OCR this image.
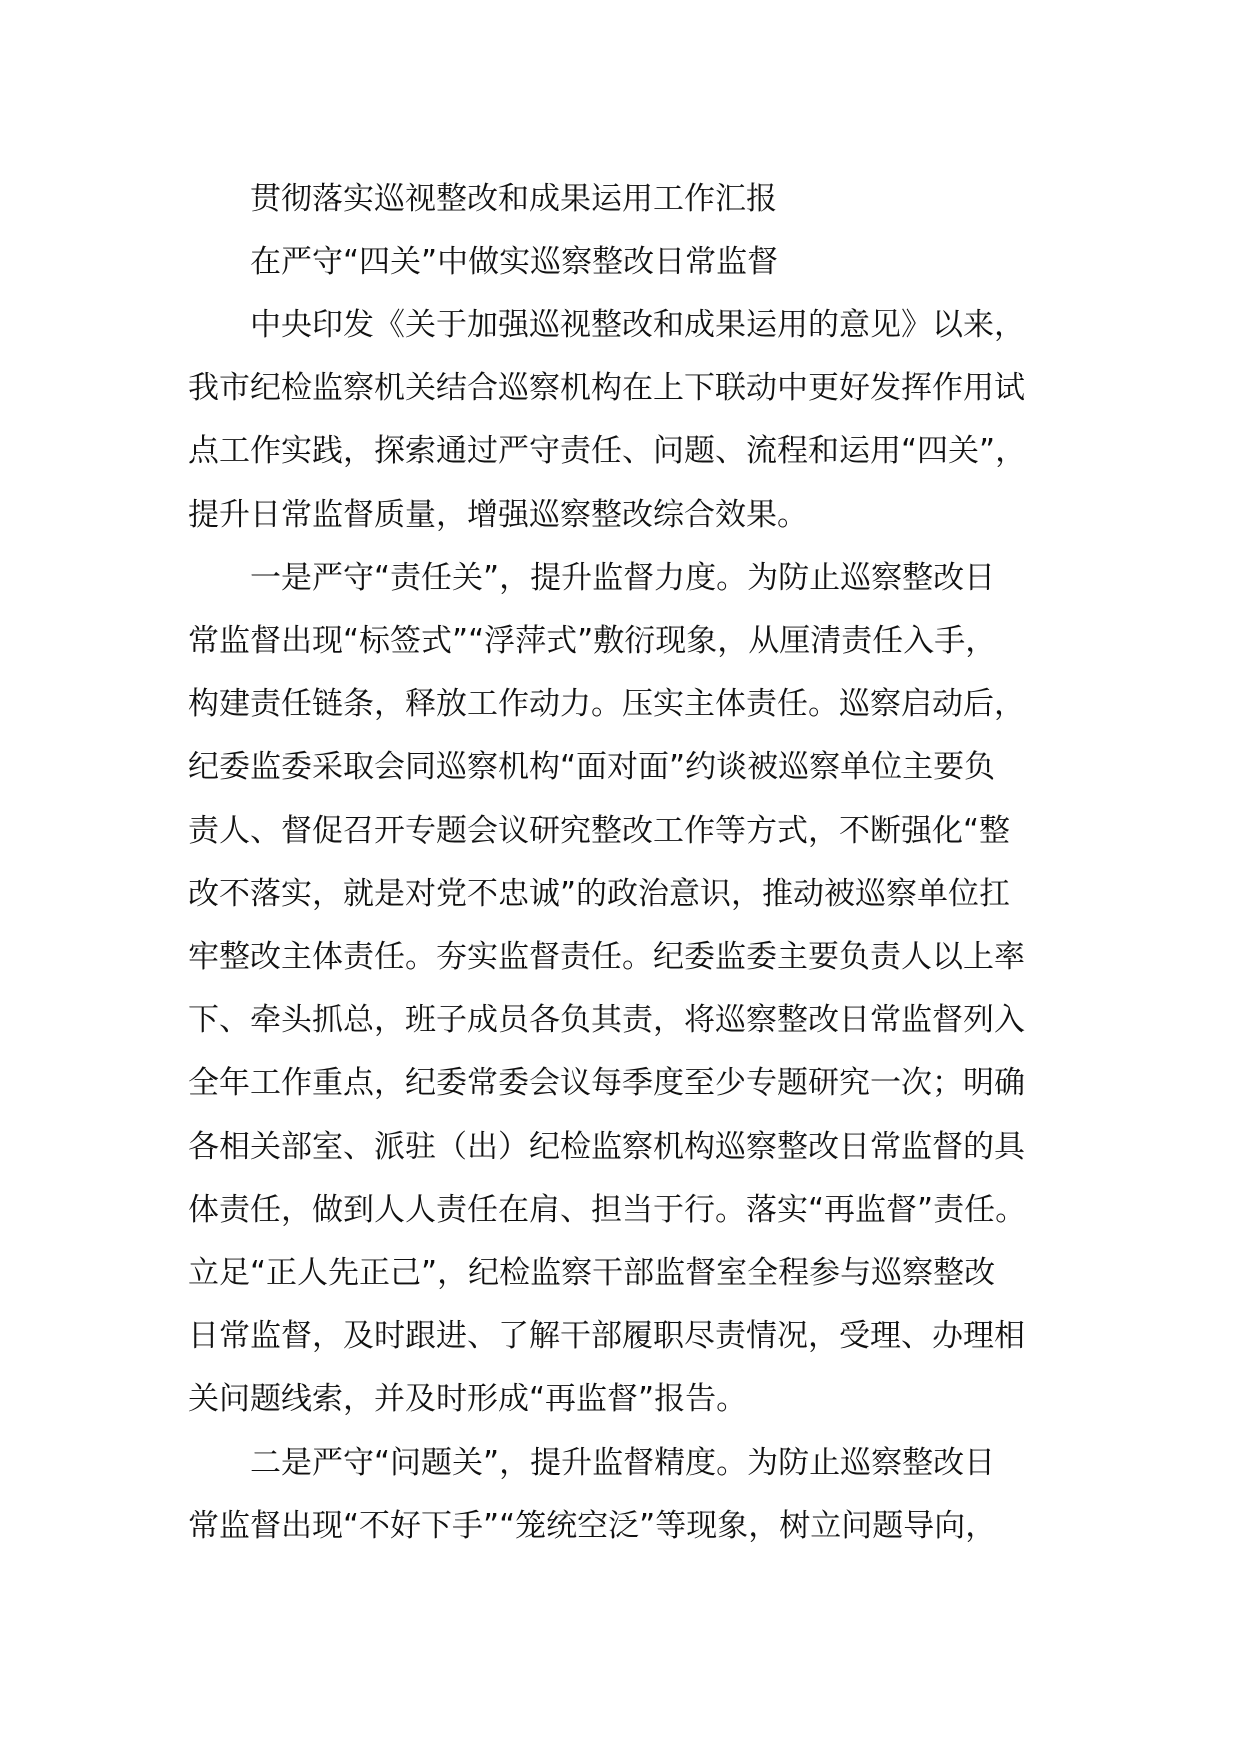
贯彻落实巡视整改和成果运用工作汇报

在严守“四关”中做实巡察整改日常监督

中央印发《关于加强巡视整改和成果运用的意见》以来，
我市纪检监察机关结合巡察机构在上下联动中更好发挥作用试
点工作实践，探索通过严守责任、问题、流程和运用“四关”，
提升日常监督质量，增强巡察整改综合效果。
一是严守“责任关”，提升监督力度。为防止巡察整改日
常监督出现“标签式”“浮萍式”敷衍现象，从厘清责任入手，
构建责任链条，释放工作动力。压实主体责任。巡察启动后，
纪委监委采取会同巡察机构“面对面”约谈被巡察单位主要负
责人、督促召开专题会议研究整改工作等方式，不断强化“整
改不落实，就是对党不忠诚”的政治意识，推动被巡察单位扛
牢整改主体责任。夯实监督责任。纪委监委主要负责人以上率
下、牵头抓总，班子成员各负其责，将巡察整改日常监督列入
全年工作重点，纪委常委会议每季度至少专题研究一次；明确
各相关部室、派驻（出）纪检监察机构巡察整改日常监督的具
体责任，做到人人责任在肩、担当于行。落实“再监督”责任。
立足“正人先正己”，纪检监察干部监督室全程参与巡察整改
日常监督，及时跟进、了解干部履职尽责情况，受理、办理相
关问题线索，并及时形成“再监督”报告。
二是严守“问题关”，提升监督精度。为防止巡察整改日
常监督出现“不好下手”“笼统空泛”等现象，树立问题导向，
